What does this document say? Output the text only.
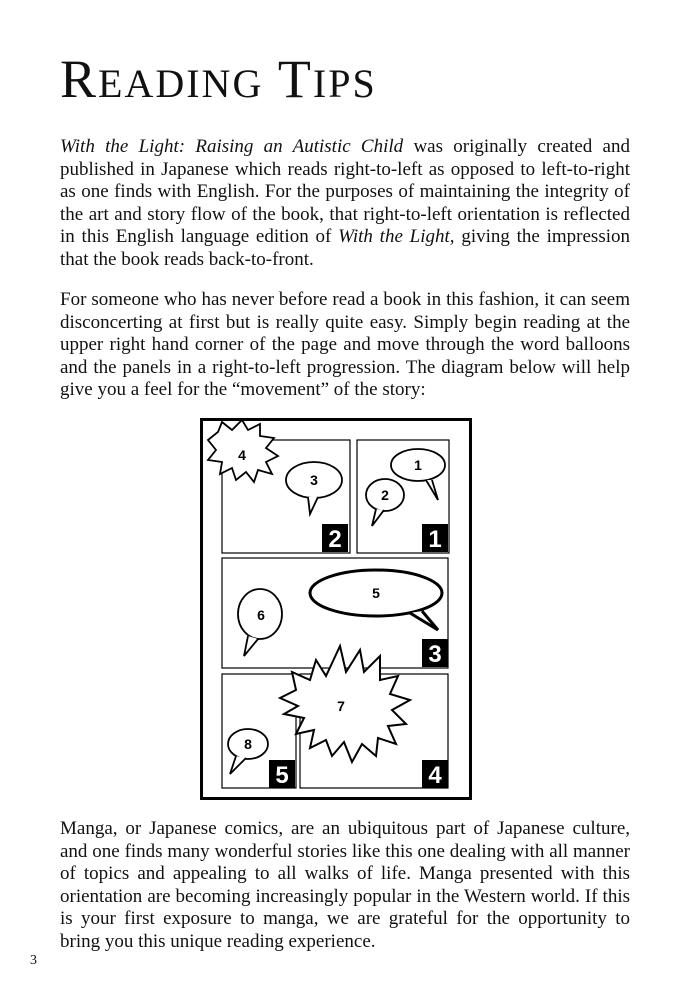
READING TIPS

With the Light: Raising an Autistic Child was originally created and published in Japanese which reads right-to-left as opposed to left-to-right as one finds with English. For the purposes of maintaining the integrity of the art and story flow of the book, that right-to-left orientation is reflected in this English language edition of With the Light, giving the impression that the book reads back-to-front.

For someone who has never before read a book in this fashion, it can seem disconcerting at first but is really quite easy. Simply begin reading at the upper right hand corner of the page and move through the word balloons and the panels in a right-to-left progression. The diagram below will help give you a feel for the “movement” of the story:

4
3
1
2
5
6
7
8
2	1
3
5	4

Manga, or Japanese comics, are an ubiquitous part of Japanese culture, and one finds many wonderful stories like this one dealing with all manner of topics and appealing to all walks of life. Manga presented with this orientation are becoming increasingly popular in the Western world. If this is your first exposure to manga, we are grateful for the opportunity to bring you this unique reading experience.

3
